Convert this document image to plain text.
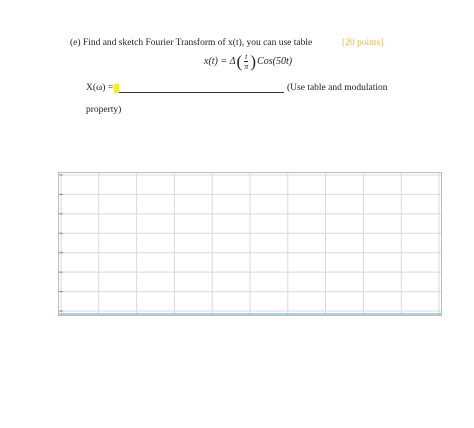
(e) Find and sketch Fourier Transform of x(t), you can use table	[20 points]
x(t) = Δ ( $\frac{t}{\pi}$ ) Cos(50t)
X(ω) =	(Use table and modulation
property)
